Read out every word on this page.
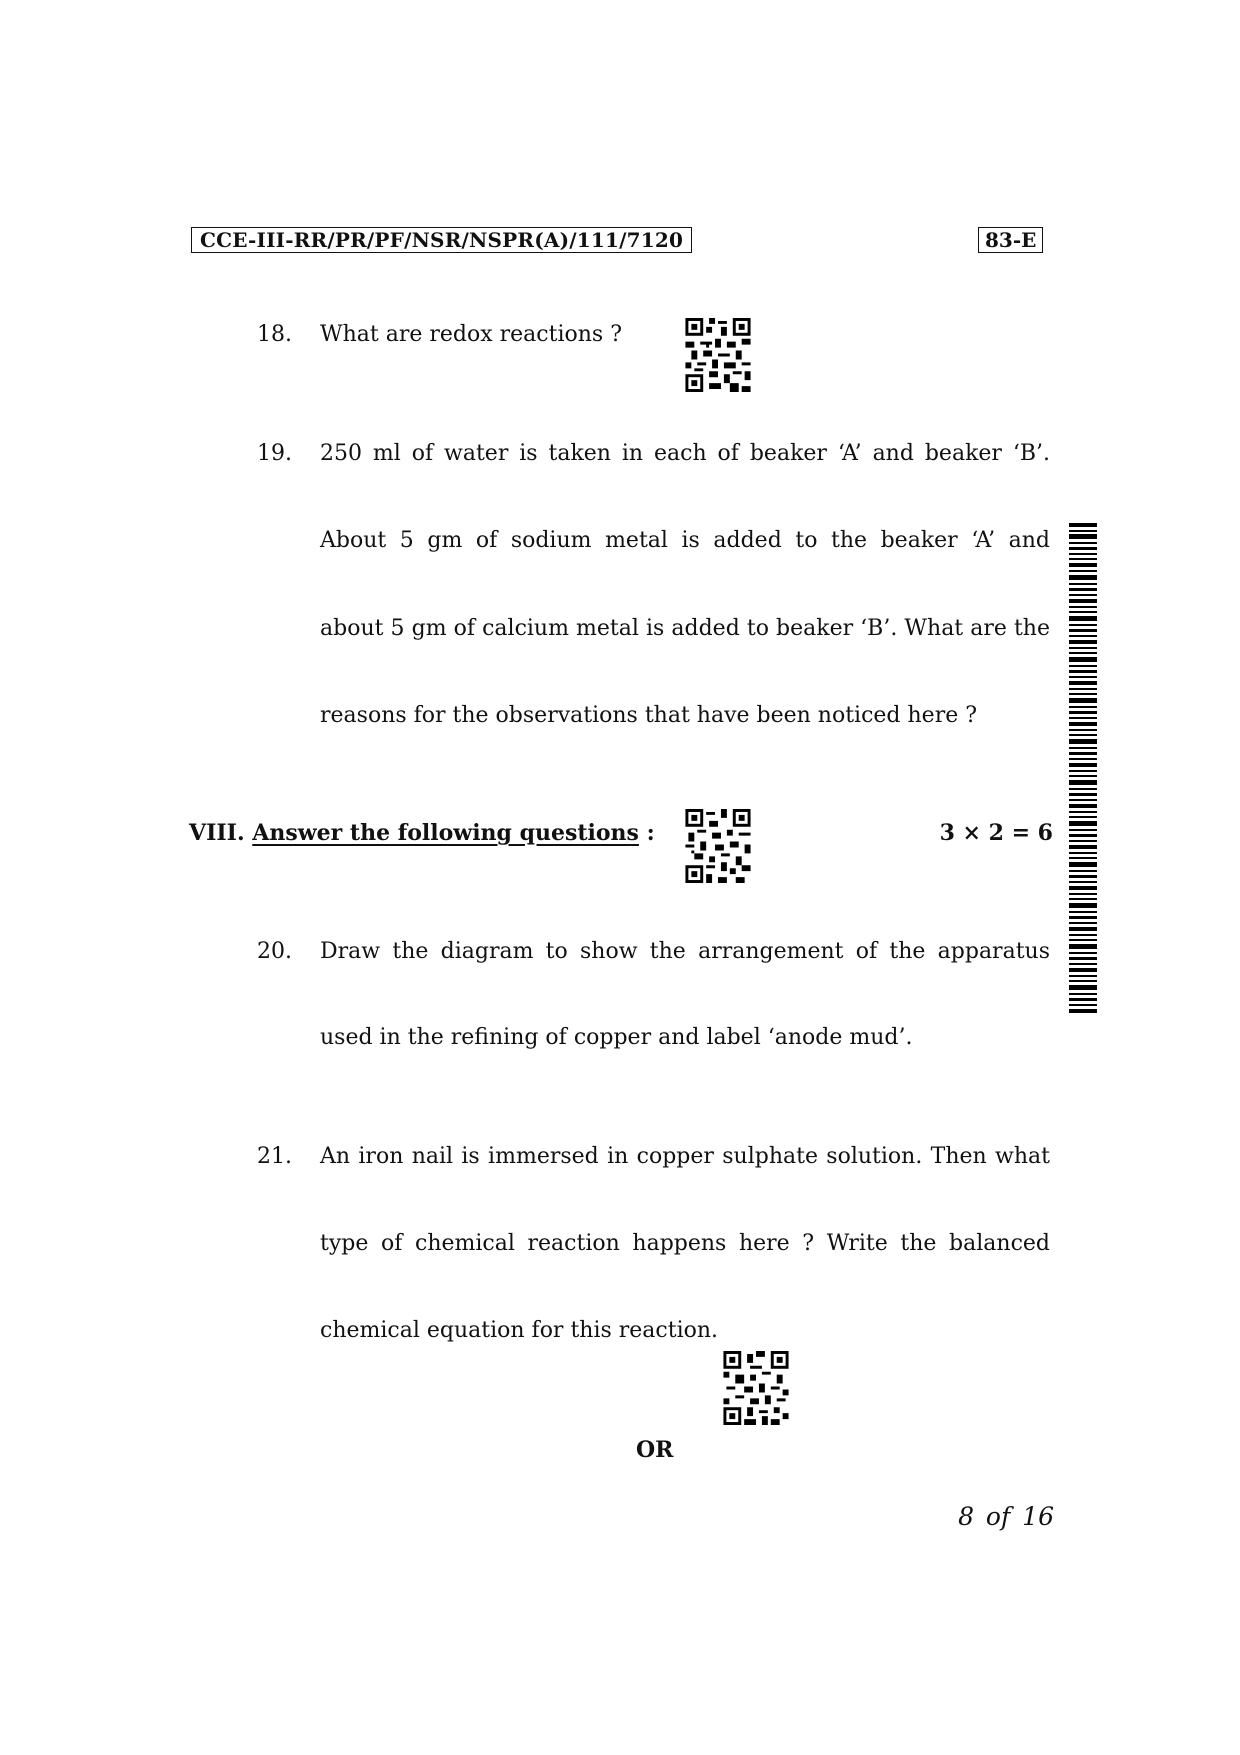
CCE-III-RR/PR/PF/NSR/NSPR(A)/111/7120	83-E
18. What are redox reactions ?
19. 250 ml of water is taken in each of beaker ‘A’ and beaker ‘B’.
About 5 gm of sodium metal is added to the beaker ‘A’ and
about 5 gm of calcium metal is added to beaker ‘B’. What are the
reasons for the observations that have been noticed here ?
VIII. Answer the following questions :	3 × 2 = 6
20. Draw the diagram to show the arrangement of the apparatus
used in the refining of copper and label ‘anode mud’.
21. An iron nail is immersed in copper sulphate solution. Then what
type of chemical reaction happens here ? Write the balanced
chemical equation for this reaction.
OR
8 of 16
